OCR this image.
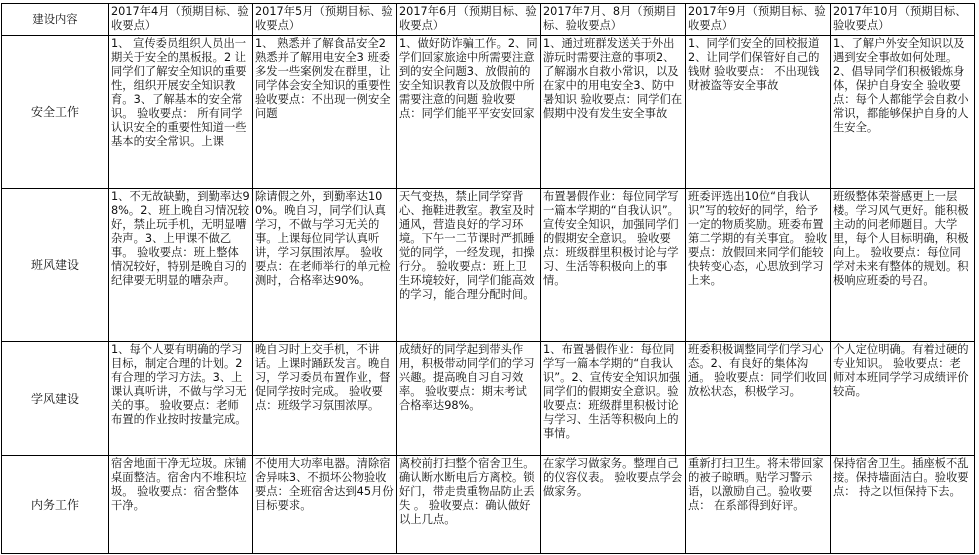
建设内容	2017年4月（预期目标、验收要点）	2017年5月（预期目标、验收要点）	2017年6月（预期目标、验收要点）	2017年7月、8月（预期目标、验收要点）	2017年9月（预期目标、验收要点）	2017年10月（预期目标、验收要点）
安全工作	1、 宣传委员组织人员出一期关于安全的黑板报。2 让同学们了解安全知识的重要性，组织开展安全知识教育。3、了解基本的安全常识。 验收要点： 所有同学认识安全的重要性知道一些基本的安全常识。上课	1、 熟悉并了解食品安全2 熟悉并了解用电安全3 班委多发一些案例发在群里，让同学体会安全知识的重要性 验收要点：不出现一例安全问题	1、做好防诈骗工作。2、同学们回家旅途中所需要注意到的安全问题3、放假前的安全知识教育以及放假中所需要注意的问题 验收要点：同学们能平平安安回家	1、通过班群发送关于外出游玩时需要注意的事项2、了解溺水自救小常识，以及在家中的用电安全3、防中暑知识 验收要点：同学们在假期中没有发生安全事故	1、同学们安全的回校报道2、让同学们保管好自己的钱财 验收要点： 不出现钱财被盗等安全事故	1、了解户外安全知识以及遇到安全事故如何处理。2、倡导同学们积极锻炼身体，保护自身安全 验收要点：每个人都能学会自救小常识，都能够保护自身的人生安全。
班风建设	1、不无故缺勤，到勤率达98%。2、班上晚自习情况较好，禁止玩手机，无明显嘈杂声。3、上甲课不做乙事。 验收要点：班上整体情况较好，特别是晚自习的纪律要无明显的嘈杂声。	除请假之外，到勤率达100%。晚自习，同学们认真学习，不做与学习无关的事。上课每位同学认真听讲，学习氛围浓厚。 验收要点：在老师举行的单元检测时，合格率达90%。	天气变热，禁止同学穿背心、拖鞋进教室。教室及时通风，营造良好的学习环境。下午一二节课时严抓睡觉的同学，一经发现，扣操行分。 验收要点：班上卫生环境较好，同学们能高效的学习，能合理分配时间。	布置暑假作业：每位同学写一篇本学期的“自我认识”。宣传安全知识，加强同学们的假期安全意识。 验收要点：班级群里积极讨论与学习、生活等积极向上的事情。	班委评选出10位“自我认识”写的较好的同学，给予一定的物质奖励。班委布置第二学期的有关事宜。 验收要点：放假回来同学们能较快转变心态，心思放到学习上来。	班级整体荣誉感更上一层楼。学习风气更好。能积极主动的问老师题目。大学里，每个人目标明确，积极向上。 验收要点：每位同学对未来有整体的规划。积极响应班委的号召。
学风建设	1、每个人要有明确的学习目标，制定合理的计划。2 有合理的学习方法。3、上课认真听讲，不做与学习无关的事。 验收要点：老师布置的作业按时按量完成。	晚自习时上交手机，不讲话。上课时踊跃发言。晚自习，学习委员布置作业，督促同学按时完成。 验收要点：班级学习氛围浓厚。	成绩好的同学起到带头作用，积极带动同学们的学习兴趣。提高晚自习自习效率。 验收要点：期末考试合格率达98%。	1、布置暑假作业：每位同学写一篇本学期的“自我认识”。2、宣传安全知识加强同学们的假期安全意识。验收要点：班级群里积极讨论与学习、生活等积极向上的事情。	班委积极调整同学们学习心态。2、有良好的集体沟通。 验收要点：同学们收回放松状态，积极学习。	个人定位明确。有着过硬的专业知识。 验收要点：老师对本班同学学习成绩评价较高。
内务工作	宿舍地面干净无垃圾。床铺桌面整洁。宿舍内不堆积垃圾。 验收要点：宿舍整体干净。	不使用大功率电器。清除宿舍异味3、不损坏公物验收要点：全班宿舍达到45月份目标要求。	离校前打扫整个宿舍卫生。确认断水断电后方离校。锁好门，带走贵重物品防止丢失 。 验收要点：确认做好以上几点。	在家学习做家务。整理自己的仪容仪表。 验收要点学会做家务。	重新打扫卫生。将未带回家的被子晾晒。贴学习警示语，以激励自己。验收要点： 在系部得到好评。	保持宿舍卫生。插座板不乱接。保持墙面洁白。验收要点： 持之以恒保持下去。
